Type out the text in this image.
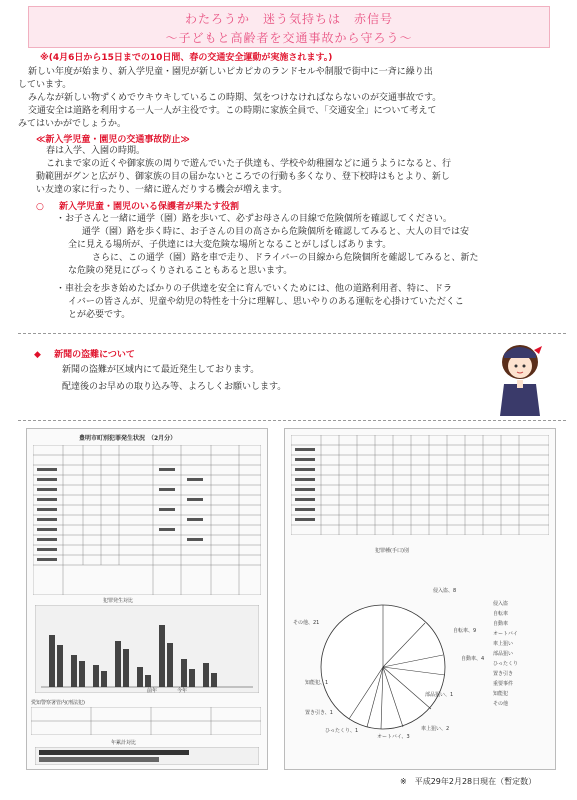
わたろうか　迷う気持ちは　赤信号
～子どもと高齢者を交通事故から守ろう～
※(4月6日から15日までの10日間、春の交通安全運動が実施されます。)
新しい年度が始まり、新入学児童・園児が新しいピカピカのランドセルや制服で街中に一斉に繰り出
しています。
みんなが新しい物ずくめでウキウキしているこの時期、気をつけなければならないのが交通事故です。
交通安全は道路を利用する一人一人が主役です。この時期に家族全員で、「交通安全」について考えて
みてはいかがでしょうか。
≪新入学児童・園児の交通事故防止≫
春は入学、入園の時期。
これまで家の近くや御家族の周りで遊んでいた子供達も、学校や幼稚園などに通うようになると、行
動範囲がグンと広がり、御家族の目の届かないところでの行動も多くなり、登下校時はもとより、新し
い友達の家に行ったり、一緒に遊んだりする機会が増えます。
○ 新入学児童・園児のいる保護者が果たす役割
・お子さんと一緒に通学（園）路を歩いて、必ずお母さんの目線で危険個所を確認してください。
通学（園）路を歩く時に、お子さんの目の高さから危険個所を確認してみると、大人の目では安
全に見える場所が、子供達には大変危険な場所となることがしばしばあります。
さらに、この通学（園）路を車で走り、ドライバーの目線から危険個所を確認してみると、新た
な危険の発見にびっくりされることもあると思います。
・車社会を歩き始めたばかりの子供達を安全に育んでいくためには、他の道路利用者、特に、ドラ
イバーの皆さんが、児童や幼児の特性を十分に理解し、思いやりのある運転を心掛けていただくこ
とが必要です。
◆ 新聞の盗難について
新聞の盗難が区域内にて最近発生しております。
配達後のお早めの取り込み等、よろしくお願いします。
豊明市町別犯罪発生状況　（2月分）
犯罪発生対比
前年	今年
愛知警察署管内(刑法犯)
年累計対比
犯罪種(手口)別
侵入盗、8
自転車、9
自動車、4
部品狙い、1
車上狙い、2
オートバイ、3
ひったくり、1
置き引き、1
知能犯、1
その他、21
侵入盗
自転車
自動車
オートバイ
車上狙い
部品狙い
ひったくり
置き引き
重要事件
知能犯
その他
※　平成29年2月28日現在（暫定数）
